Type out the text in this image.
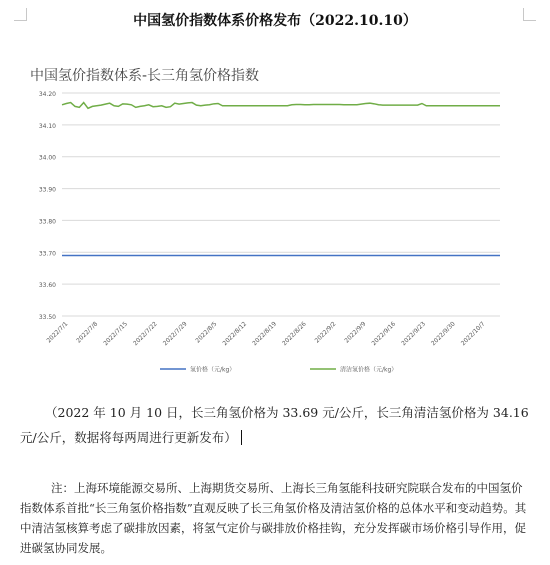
中国氢价指数体系价格发布（2022.10.10）
中国氢价指数体系-长三角氢价格指数
33.50
33.60
33.70
33.80
33.90
34.00
34.10
34.20
2022/7/1 2022/7/8 2022/7/15 2022/7/22 2022/7/29 2022/8/5 2022/8/12 2022/8/19 2022/8/26 2022/9/2 2022/9/9 2022/9/16 2022/9/23 2022/9/30 2022/10/7
氢价格（元/kg）	清洁氢价格（元/kg）
（2022 年 10 月 10 日，长三角氢价格为 33.69 元/公斤，长三角清洁氢价格为 34.16 元/公斤，数据将每两周进行更新发布）
注：上海环境能源交易所、上海期货交易所、上海长三角氢能科技研究院联合发布的中国氢价指数体系首批“长三角氢价格指数”直观反映了长三角氢价格及清洁氢价格的总体水平和变动趋势。其中清洁氢核算考虑了碳排放因素，将氢气定价与碳排放价格挂钩，充分发挥碳市场价格引导作用，促进碳氢协同发展。
